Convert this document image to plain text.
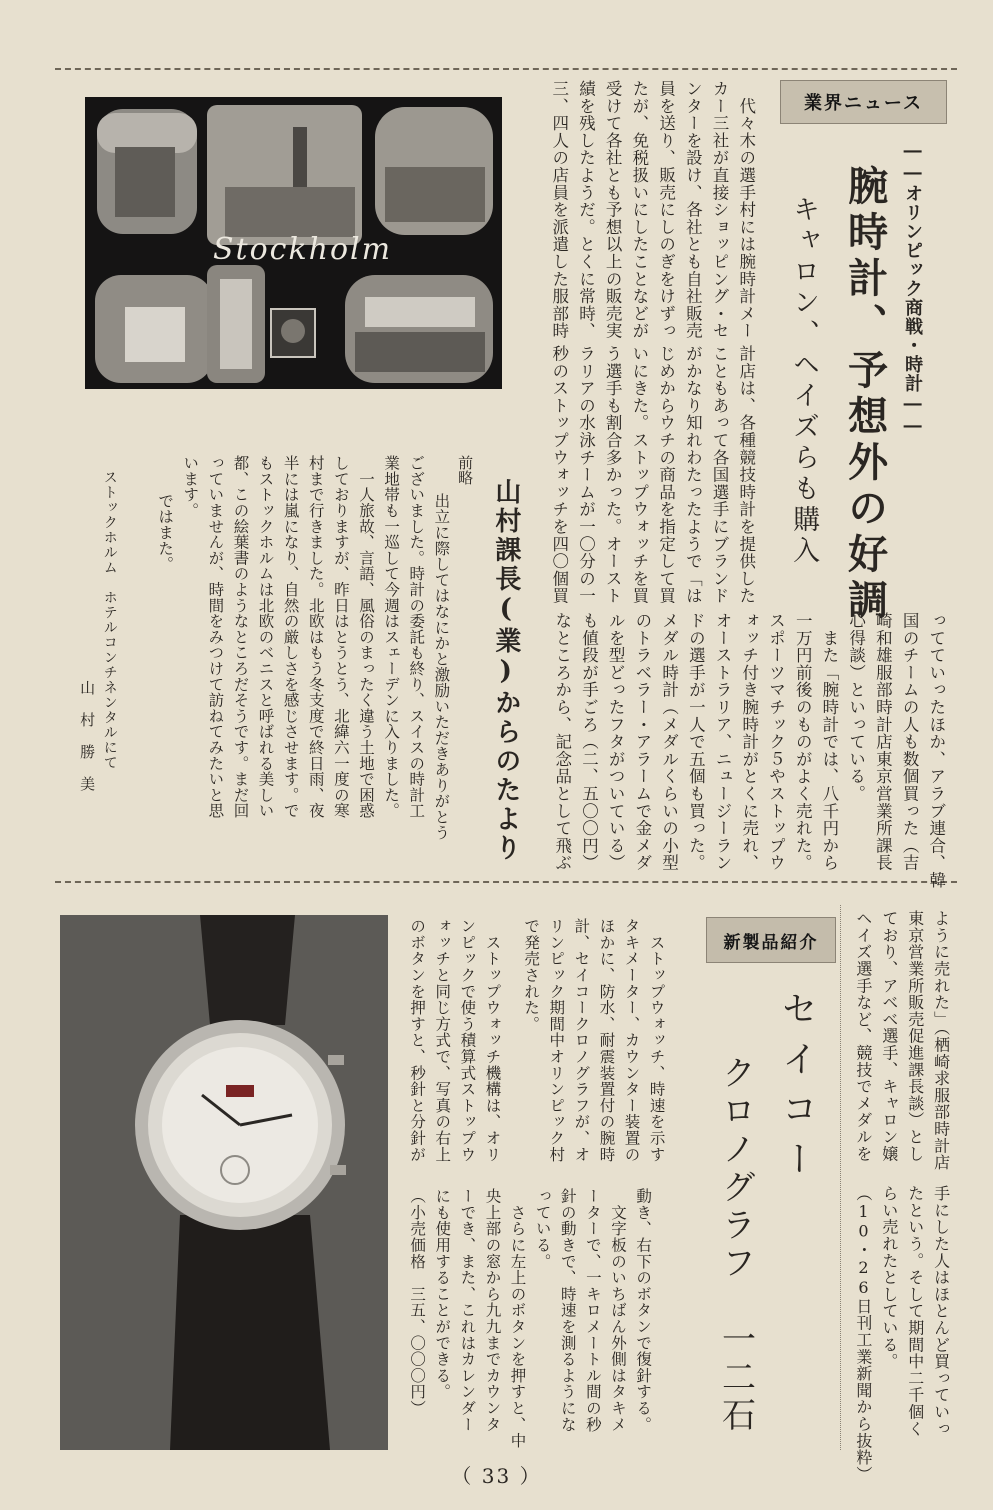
業界ニュース
――オリンピック商戦・時計――
腕時計、予想外の好調
キャロン、ヘイズらも購入
　代々木の選手村には腕時計メー
カー三社が直接ショッピング・セ
ンターを設け、各社とも自社販売
員を送り、販売にしのぎをけずっ
たが、免税扱いにしたことなどが
受けて各社とも予想以上の販売実
績を残したようだ。とくに常時、
三、四人の店員を派遣した服部時
計店は、各種競技時計を提供した
こともあって各国選手にブランド
がかなり知れわたったようで「は
じめからウチの商品を指定して買
いにきた。ストップウォッチを買
う選手も割合多かった。オースト
ラリアの水泳チームが一〇分の一
秒のストップウォッチを四〇個買
ってていったほか、アラブ連合、韓
国のチームの人も数個買った（吉
崎和雄服部時計店東京営業所課長
心得談）といっている。
　また「腕時計では、八千円から
一万円前後のものがよく売れた。
スポーツマチック５やストップウ
ォッチ付き腕時計がとくに売れ、
オーストラリア、ニュージーラン
ドの選手が一人で五個も買った。
メダル時計（メダルくらいの小型
のトラベラー・アラームで金メダ
ルを型どったフタがついている）
も値段が手ごろ（二、五〇〇円）
なところから、記念品として飛ぶ
Stockholm
山村課長(業)からのたより
前略
　出立に際してはなにかと激励いただきありがとう
ございました。時計の委託も終り、スイスの時計工
業地帯も一巡して今週はスェーデンに入りました。
　一人旅故、言語、風俗のまったく違う土地で困惑
しておりますが、昨日はとうとう、北緯六一度の寒
村まで行きました。北欧はもう冬支度で終日雨、夜
半には嵐になり、自然の厳しさを感じさせます。で
もストックホルムは北欧のベニスと呼ばれる美しい
都、この絵葉書のようなところだそうです。まだ回
っていませんが、時間をみつけて訪ねてみたいと思
います。
　ではまた。
ストックホルム　ホテルコンチネンタルにて
山　村　勝　美
新製品紹介
セイコー
クロノグラフ　一二石
ように売れた」（栖崎求服部時計店
東京営業所販売促進課長談）とし
ており、アベベ選手、キャロン嬢
ヘイズ選手など、競技でメダルを
手にした人はほとんど買っていっ
たという。そして期間中二千個く
らい売れたとしている。
（10・26日刊工業新聞から抜粋）
　ストップウォッチ、時速を示す
タキメーター、カウンター装置の
ほかに、防水、耐震装置付の腕時
計、セイコークロノグラフが、オ
リンピック期間中オリンピック村
で発売された。
　ストップウォッチ機構は、オリ
ンピックで使う積算式ストップウ
ォッチと同じ方式で、写真の右上
のボタンを押すと、秒針と分針が
動き、右下のボタンで復針する。
　文字板のいちばん外側はタキメ
ーターで、一キロメートル間の秒
針の動きで、時速を測るようにな
っている。
　さらに左上のボタンを押すと、中
央上部の窓から九九までカウンタ
ーでき、また、これはカレンダー
にも使用することができる。
（小売価格　三五、〇〇〇円）
（ 33 ）
